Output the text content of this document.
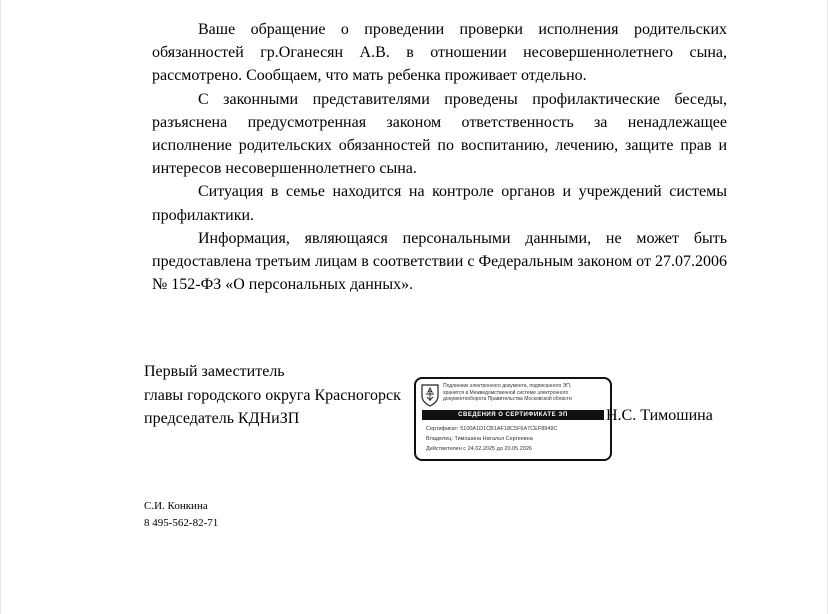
Ваше обращение о проведении проверки исполнения родительских обязанностей гр.Оганесян А.В. в отношении несовершеннолетнего сына, рассмотрено. Сообщаем, что мать ребенка проживает отдельно.

С законными представителями проведены профилактические беседы, разъяснена предусмотренная законом ответственность за ненадлежащее исполнение родительских обязанностей по воспитанию, лечению, защите прав и интересов несовершеннолетнего сына.

Ситуация в семье находится на контроле органов и учреждений системы профилактики.

Информация, являющаяся персональными данными, не может быть предоставлена третьим лицам в соответствии с Федеральным законом от 27.07.2006 № 152-ФЗ «О персональных данных».

Первый заместитель
главы городского округа Красногорск
председатель КДНиЗП
Подлинник электронного документа, подписанного ЭП,
хранится в Межведомственной системе электронного
документооборота Правительства Московской области
СВЕДЕНИЯ О СЕРТИФИКАТЕ ЭП
Сертификат: 5100A1D1CB1AF18C5F6A7CEF8949C
Владелец: Тимошина Наталья Сергеевна
Действителен с 24.02.2025 до 20.05.2026
Н.С. Тимошина
С.И. Конкина
8 495-562-82-71
